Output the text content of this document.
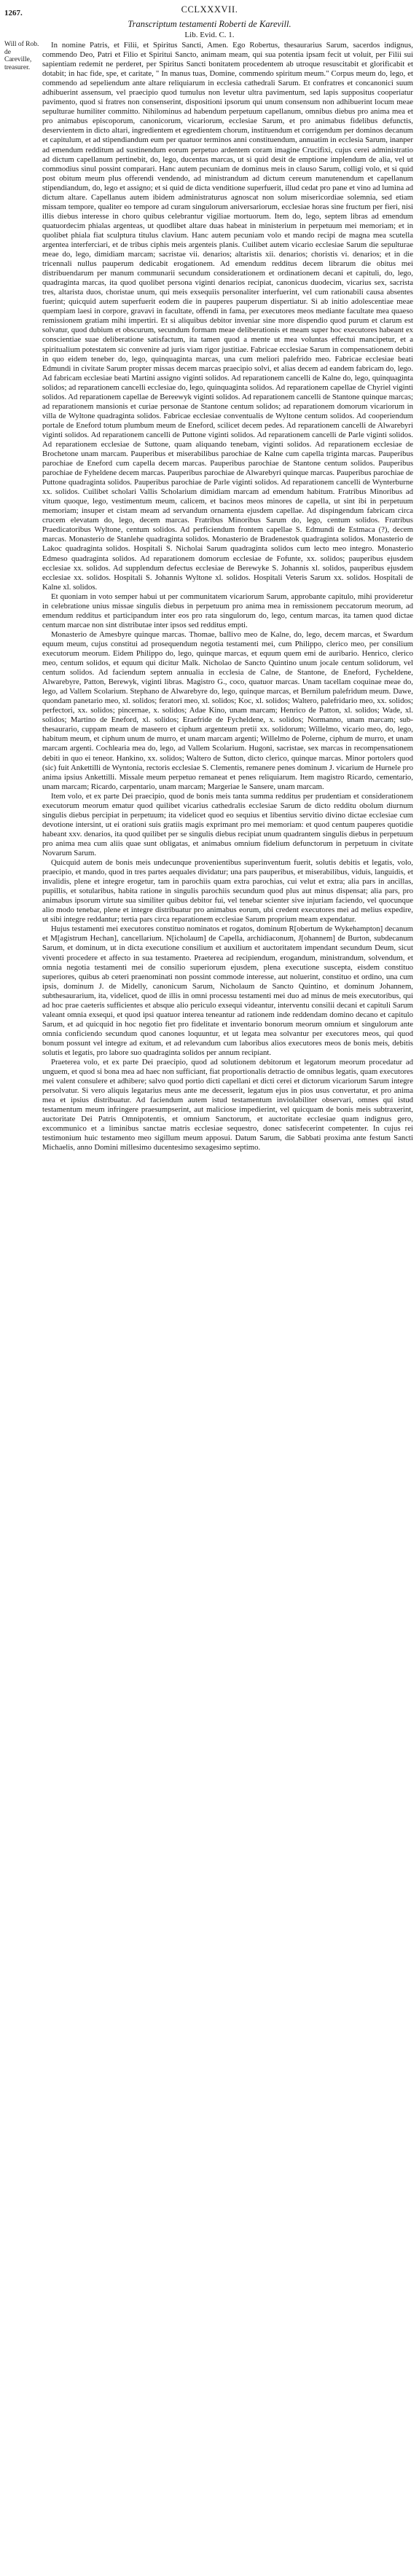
1267.	CCLXXXVII.
Transcriptum testamenti Roberti de Karevill.
Lib. Evid. C. 1.
Will of Rob. de Careville, treasurer.

In nomine Patris, et Filii, et Spiritus Sancti, Amen. Ego Robertus, thesaurarius Sarum, sacerdos indignus, commendo Deo, Patri et Filio et Spiritui Sancto, animam meam, qui sua potentia ipsam fecit ut voluit, per Filii sui sapientiam redemit ne perderet, per Spiritus Sancti bonitatem procedentem ab utroque resuscitabit et glorificabit et dotabit; in hac fide, spe, et caritate, " In manus tuas, Domine, commendo spiritum meum." Corpus meum do, lego, et commendo ad sepeliendum ante altare reliquiarum in ecclesia cathedrali Sarum. Et confratres et concanonici suum adhibuerint assensum, vel praecipio quod tumulus non levetur ultra pavimentum, sed lapis suppositus cooperiatur pavimento, quod si fratres non consenserint, dispositioni ipsorum qui unum consensum non adhibuerint locum meae sepulturae humiliter committo. Nihilominus ad habendum perpetuum capellanum, omnibus diebus pro anima mea et pro animabus episcoporum, canonicorum, vicariorum, ecclesiae Sarum, et pro animabus fidelibus defunctis, deservientem in dicto altari, ingredientem et egredientem chorum, instituendum et corrigendum per dominos decanum et capitulum, et ad stipendiandum eum per quatuor terminos anni constituendum, annuatim in ecclesia Sarum, inanper ad emendum redditum ad sustinendum eorum perpetuo ardentem coram imagine Crucifixi, cujus cerei administratio ad dictum capellanum pertinebit, do, lego, ducentas marcas, ut si quid desit de emptione implendum de alia, vel ut commodius sinul possint comparari. Hanc autem pecuniam de dominus meis in clauso Sarum, colligi volo, et si quid post obitum meum plus offerendi vendendo, ad ministrandum ad dictum cereum manutenendum et capellanum stipendiandum, do, lego et assigno; et si quid de dicta venditione superfuerit, illud cedat pro pane et vino ad lumina ad dictum altare. Capellanus autem ibidem administraturus agnoscat non solum misericordiae solemnia, sed etiam missam tempore, qualiter eo tempore ad curam singulorum aniversariorum, ecclesiae horas sine fructum per fieri, nisi illis diebus interesse in choro quibus celebrantur vigiliae mortuorum. Item do, lego, septem libras ad emendum quatuordecim phialas argenteas, ut quodlibet altare duas habeat in ministerium in perpetuum mei memoriam; et in quolibet phiala fiat sculptura titulus clavium. Hanc autem pecuniam volo et mando recipi de magna mea scutella argentea interferciari, et de tribus ciphis meis argenteis planis. Cuilibet autem vicario ecclesiae Sarum die sepulturae meae do, lego, dimidiam marcam; sacristae vii. denarios; altaristis xii. denarios; choristis vi. denarios; et in die tricennali nullus pauperum dedicabit erogationem. Ad emendum redditus decem librarum die obitus mei distribuendarum per manum communarii secundum considerationem et ordinationem decani et capituli, do, lego, quadraginta marcas, ita quod quolibet persona viginti denarios recipiat, canonicus duodecim, vicarius sex, sacrista tres, altarista duos, choristae unum, qui meis exsequiis personaliter interfuerint, vel cum rationabili causa absentes fuerint; quicquid autem superfuerit eodem die in pauperes pauperum dispertiatur. Si ab initio adolescentiae meae quempiam laesi in corpore, gravavi in facultate, offendi in fama, per executores meos mediante facultate mea quaeso remissionem gratiam mihi impertiri. Et si aliquibus debitor inveniar sine more dispendio quod purum et clarum est solvatur, quod dubium et obscurum, secundum formam meae deliberationis et meam super hoc executores habeant ex conscientiae suae deliberatione satisfactum, ita tamen quod a mente ut mea voluntas effectui mancipetur, et a spiritualium potestatem sic convenire ad juris viam rigor justitiae. Fabricae ecclesiae Sarum in compensationem debiti in quo eidem teneber do, lego, quinquaginta marcas, una cum meliori palefrido meo. Fabricae ecclesiae beati Edmundi in civitate Sarum propter missas decem marcas praecipio solvi, et alias decem ad eandem fabricam do, lego. Ad fabricam ecclesiae beati Martini assigno viginti solidos. Ad reparationem cancelli de Kalne do, lego, quinquaginta solidos; ad reparationem cancelli ecclesiae do, lego, quinquaginta solidos. Ad reparationem capellae de Chyriel viginti solidos. Ad reparationem capellae de Bereewyk viginti solidos. Ad reparationem cancelli de Stantone quinque marcas; ad reparationem mansionis et curiae personae de Stantone centum solidos; ad reparationem domorum vicariorum in villa de Wyltone quadraginta solidos. Fabricae ecclesiae conventualis de Wyltone centum solidos. Ad cooperiendum portale de Eneford totum plumbum meum de Eneford, scilicet decem pedes. Ad reparationem cancelli de Alwarebyri viginti solidos. Ad reparationem cancelli de Puttone viginti solidos. Ad reparationem cancelli de Parle viginti solidos. Ad reparationem ecclesiae de Suttone, quam aliquando tenebam, viginti solidos. Ad reparationem ecclesiae de Brochetone unam marcam. Pauperibus et miserabilibus parochiae de Kalne cum capella triginta marcas. Pauperibus parochiae de Eneford cum capella decem marcas. Pauperibus parochiae de Stantone centum solidos. Pauperibus parochiae de Fyheldene decem marcas. Pauperibus parochiae de Alwarebyri quinque marcas. Pauperibus parochiae de Puttone quadraginta solidos. Pauperibus parochiae de Parle viginti solidos. Ad reparationem cancelli de Wynterburne xx. solidos. Cuilibet scholari Vallis Scholarium dimidiam marcam ad emendum habitum. Fratribus Minoribus ad vitum quoque, lego, vestimentum meum, calicem, et bacinos meos minores de capella, ut sint ibi in perpetuum memoriam; insuper et cistam meam ad servandum ornamenta ejusdem capellae. Ad dispingendum fabricam circa crucem elevatam do, lego, decem marcas. Fratribus Minoribus Sarum do, lego, centum solidos. Fratribus Praedicatoribus Wyltone, centum solidos. Ad perficiendum frontem capellae S. Edmundi de Estmaca (?), decem marcas. Monasterio de Stanlehe quadraginta solidos. Monasterio de Bradenestok quadraginta solidos. Monasterio de Lakoc quadraginta solidos. Hospitali S. Nicholai Sarum quadraginta solidos cum lecto meo integro. Monasterio Edmeso quadraginta solidos. Ad reparationem domorum ecclesiae de Fofunte, xx. solidos; pauperibus ejusdem ecclesiae xx. solidos. Ad supplendum defectus ecclesiae de Berewyke S. Johannis xl. solidos, pauperibus ejusdem ecclesiae xx. solidos. Hospitali S. Johannis Wyltone xl. solidos. Hospitali Veteris Sarum xx. solidos. Hospitali de Kalne xl. solidos.

Et quoniam in voto semper habui ut per communitatem vicariorum Sarum, approbante capitulo, mihi provideretur in celebratione unius missae singulis diebus in perpetuum pro anima mea in remissionem peccatorum meorum, ad emendum redditus et participandum inter eos pro rata singulorum do, lego, centum marcas, ita tamen quod dictae centum marcae non sint distributae inter ipsos sed redditus empti.

Monasterio de Amesbyre quinque marcas. Thomae, ballivo meo de Kalne, do, lego, decem marcas, et Swardum equum meum, cujus constitui ad prosequendum negotia testamenti mei, cum Philippo, clerico meo, per consilium executorum meorum. Eidem Philippo do, lego, quinque marcas, et equum quem emi de auribario. Henrico, clerico meo, centum solidos, et equum qui dicitur Malk. Nicholao de Sancto Quintino unum jocale centum solidorum, vel centum solidos. Ad faciendum septem annualia in ecclesia de Calne, de Stantone, de Eneford, Fycheldene, Alwarebyre, Patton, Berewyk, viginti libras. Magistro G., coco, quatuor marcas. Unam tacellam coquinae meae do, lego, ad Vallem Scolarium. Stephano de Alwarebyre do, lego, quinque marcas, et Bernilum palefridum meum. Dawe, quondam panetario meo, xl. solidos; feratori meo, xl. solidos; Koc, xl. solidos; Waltero, palefridario meo, xx. solidos; perfectori, xx. solidos; pincernae, x. solidos; Adae Kino, unam marcam; Henrico de Patton, xl. solidos; Wade, xl. solidos; Martino de Eneford, xl. solidos; Eraefride de Fycheldene, x. solidos; Normanno, unam marcam; sub-thesaurario, cuppam meam de maseero et ciphum argenteum pretii xx. solidorum; Willelmo, vicario meo, do, lego, habitum meum, et ciphum unum de murro, et unam marcam argenti; Willelmo de Polerne, ciphum de murro, et unam marcam argenti. Cochlearia mea do, lego, ad Vallem Scolarium. Hugoni, sacristae, sex marcas in recompensationem debiti in quo ei teneor. Hankino, xx. solidos; Waltero de Sutton, dicto clerico, quinque marcas. Minor portolers quod (sic) fuit Ankettilli de Wyntonia, rectoris ecclesiae S. Clementis, remanere penes dominum J. vicarium de Hurnele pro anima ipsius Ankettilli. Missale meum perpetuo remaneat et penes reliquiarum. Item magistro Ricardo, cementario, unam marcam; Ricardo, carpentario, unam marcam; Margeriae le Sansere, unam marcam.

Item volo, et ex parte Dei praecipio, quod de bonis meis tanta summa redditus per prudentiam et considerationem executorum meorum ematur quod quilibet vicarius cathedralis ecclesiae Sarum de dicto redditu obolum diurnum singulis diebus percipiat in perpetuum; ita videlicet quod eo sequius et libentius servitio divino dictae ecclesiae cum devotione intersint, ut ei orationi suis gratiis magis exprimant pro mei memoriam: et quod centum pauperes quotidie habeant xxv. denarios, ita quod quilibet per se singulis diebus recipiat unum quadrantem singulis diebus in perpetuum pro anima mea cum aliis quae sunt obligatas, et animabus omnium fidelium defunctorum in perpetuum in civitate Novarum Sarum.

Quicquid autem de bonis meis undecunque provenientibus superinventum fuerit, solutis debitis et legatis, volo, praecipio, et mando, quod in tres partes aequales dividatur; una pars pauperibus, et miserabilibus, viduis, languidis, et invalidis, plene et integre erogetur, tam in parochiis quam extra parochias, cui velut et extra; alia pars in ancillas, pupillis, et sotularibus, habita ratione in singulis parochiis secundum quod plus aut minus dispensat; alia pars, pro animabus ipsorum virtute sua similiter quibus debitor fui, vel tenebar scienter sive injuriam faciendo, vel quocunque alio modo tenebar, plene et integre distribuatur pro animabus eorum, ubi credent executores mei ad melius expedire, ut sibi integre reddantur; tertia pars circa reparationem ecclesiae Sarum proprium meam expendatur.

Hujus testamenti mei executores constituo nominatos et rogatos, dominum R[obertum de Wykehampton] decanum et M[agistrum Hechan], cancellarium. N[icholaum] de Capella, archidiaconum, J[ohannem] de Burton, subdecanum Sarum, et dominum, ut in dicta executione consilium et auxilium et auctoritatem impendant secundum Deum, sicut viventi procedere et affecto in sua testamento. Praeterea ad recipiendum, erogandum, ministrandum, solvendum, et omnia negotia testamenti mei de consilio superiorum ejusdem, plena executione suscepta, eisdem constituo superiores, quibus ab ceteri praenominati non possint commode interesse, aut noluerint, constituo et ordino, una cum ipsis, dominum J. de Midelly, canonicum Sarum, Nicholaum de Sancto Quintino, et dominum Johannem, subthesaurarium, ita, videlicet, quod de illis in omni processu testamenti mei duo ad minus de meis executoribus, qui ad hoc prae caeteris sufficientes et absque alio periculo exsequi videantur, interventu consilii decani et capituli Sarum valeant omnia exsequi, et quod ipsi quatuor interea teneantur ad rationem inde reddendam domino decano et capitulo Sarum, et ad quicquid in hoc negotio fiet pro fidelitate et inventario bonorum meorum omnium et singulorum ante omnia conficiendo secundum quod canones loquuntur, et ut legata mea solvantur per executores meos, qui quod bonum possunt vel integre ad exitum, et ad relevandum cum laboribus alios executores meos de bonis meis, debitis solutis et legatis, pro labore suo quadraginta solidos per annum recipiant.

Praeterea volo, et ex parte Dei praecipio, quod ad solutionem debitorum et legatorum meorum procedatur ad unguem, et quod si bona mea ad haec non sufficiant, fiat proportionalis detractio de omnibus legatis, quam executores mei valent consulere et adhibere; salvo quod portio dicti capellani et dicti cerei et dictorum vicariorum Sarum integre persolvatur. Si vero aliquis legatarius meus ante me decesserit, legatum ejus in pios usus convertatur, et pro anima mea et ipsius distribuatur. Ad faciendum autem istud testamentum inviolabiliter observari, omnes qui istud testamentum meum infringere praesumpserint, aut maliciose impedierint, vel quicquam de bonis meis subtraxerint, auctoritate Dei Patris Omnipotentis, et omnium Sanctorum, et auctoritate ecclesiae quam indignus gero, excommunico et a liminibus sanctae matris ecclesiae sequestro, donec satisfecerint competenter. In cujus rei testimonium huic testamento meo sigillum meum apposui. Datum Sarum, die Sabbati proxima ante festum Sancti Michaelis, anno Domini millesimo ducentesimo sexagesimo septimo.
